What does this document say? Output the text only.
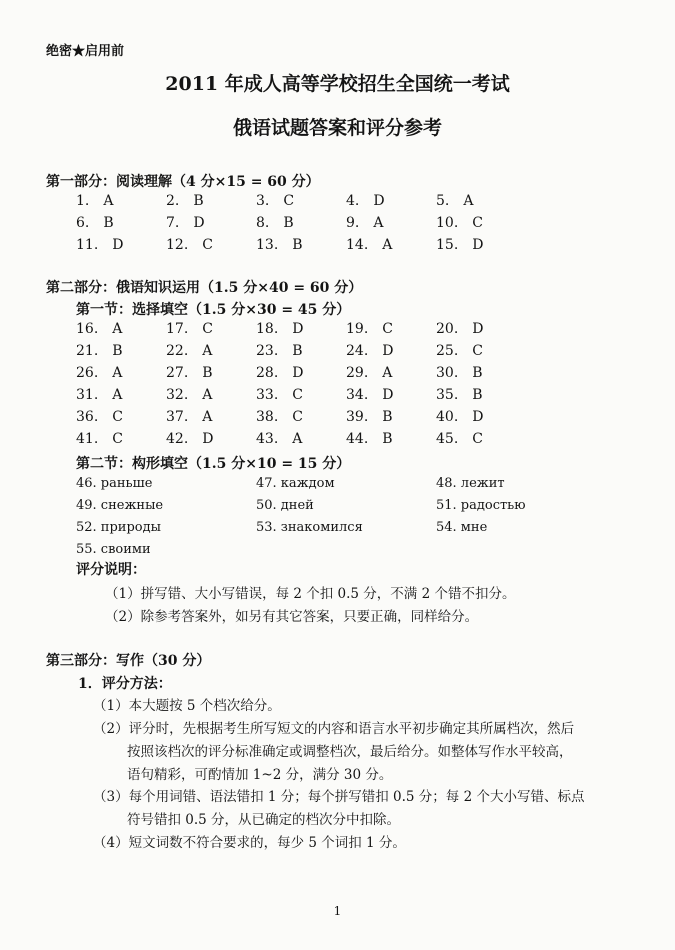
绝密★启用前
2011 年成人高等学校招生全国统一考试
俄语试题答案和评分参考
第一部分：阅读理解（4 分×15 = 60 分）
1. A	2. B	3. C	4. D	5. A
6. B	7. D	8. B	9. A	10. C
11. D	12. C	13. B	14. A	15. D
第二部分：俄语知识运用（1.5 分×40 = 60 分）
第一节：选择填空（1.5 分×30 = 45 分）
16. A	17. C	18. D	19. C	20. D
21. B	22. A	23. B	24. D	25. C
26. A	27. B	28. D	29. A	30. B
31. A	32. A	33. C	34. D	35. B
36. C	37. A	38. C	39. B	40. D
41. C	42. D	43. A	44. B	45. C
第二节：构形填空（1.5 分×10 = 15 分）
46. раньше	47. каждом	48. лежит
49. снежные	50. дней	51. радостью
52. природы	53. знакомился	54. мне
55. своими
评分说明：
（1）拼写错、大小写错误，每 2 个扣 0.5 分，不满 2 个错不扣分。
（2）除参考答案外，如另有其它答案，只要正确，同样给分。
第三部分：写作（30 分）
1．评分方法：
（1）本大题按 5 个档次给分。
（2）评分时，先根据考生所写短文的内容和语言水平初步确定其所属档次，然后
按照该档次的评分标准确定或调整档次，最后给分。如整体写作水平较高，
语句精彩，可酌情加 1~2 分，满分 30 分。
（3）每个用词错、语法错扣 1 分；每个拼写错扣 0.5 分；每 2 个大小写错、标点
符号错扣 0.5 分，从已确定的档次分中扣除。
（4）短文词数不符合要求的，每少 5 个词扣 1 分。
1
